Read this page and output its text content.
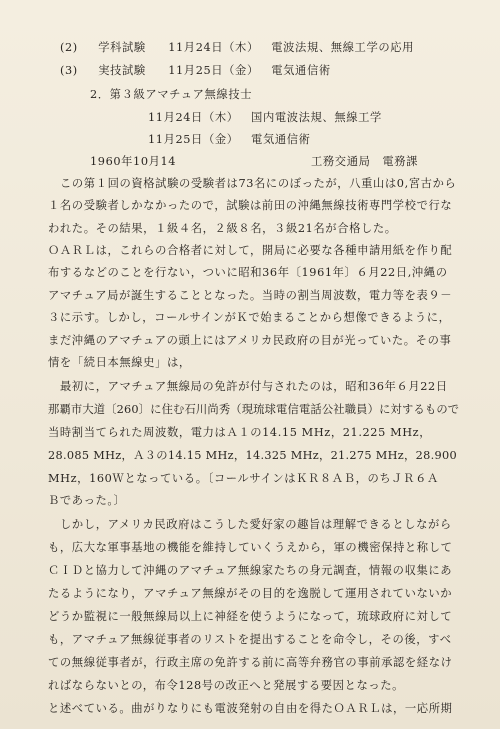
(2) 学科試験 11月24日（木） 電波法規、無線工学の応用
(3) 実技試験 11月25日（金） 電気通信術
2．第３級アマチュア無線技士
11月24日（木） 国内電波法規、無線工学
11月25日（金） 電気通信術
1960年10月14	工務交通局　電務課
この第１回の資格試験の受験者は73名にのぼったが，八重山は0,宮古から
１名の受験者しかなかったので，試験は前田の沖縄無線技術専門学校で行な
われた。その結果，１級４名，２級８名，３級21名が合格した。
ＯＡＲＬは，これらの合格者に対して，開局に必要な各種申請用紙を作り配
布するなどのことを行ない，ついに昭和36年〔1961年〕６月22日,沖縄の
アマチュア局が誕生することとなった。当時の割当周波数，電力等を表９－
３に示す。しかし，コールサインがＫで始まることから想像できるように，
まだ沖縄のアマチュアの頭上にはアメリカ民政府の目が光っていた。その事
情を「続日本無線史」は，
最初に，アマチュア無線局の免許が付与されたのは，昭和36年６月22日
那覇市大道〔260〕に住む石川尚秀（現琉球電信電話公社職員）に対するもので
当時割当てられた周波数，電力はＡ１の14.15 MHz，21.225 MHz，
28.085 MHz，Ａ３の14.15 MHz，14.325 MHz，21.275 MHz，28.900
MHz，160Ｗとなっている。〔コールサインはＫＲ８ＡＢ，のちＪＲ６Ａ
Ｂであった。〕
しかし，アメリカ民政府はこうした愛好家の趣旨は理解できるとしながら
も，広大な軍事基地の機能を維持していくうえから，軍の機密保持と称して
ＣＩＤと協力して沖縄のアマチュア無線家たちの身元調査，情報の収集にあ
たるようになり，アマチュア無線がその目的を逸脱して運用されていないか
どうか監視に一般無線局以上に神経を使うようになって，琉球政府に対して
も，アマチュア無線従事者のリストを提出することを命令し，その後，すべ
ての無線従事者が，行政主席の免許する前に高等弁務官の事前承認を経なけ
ればならないとの，布令128号の改正へと発展する要因となった。
と述べている。曲がりなりにも電波発射の自由を得たＯＡＲＬは，一応所期
